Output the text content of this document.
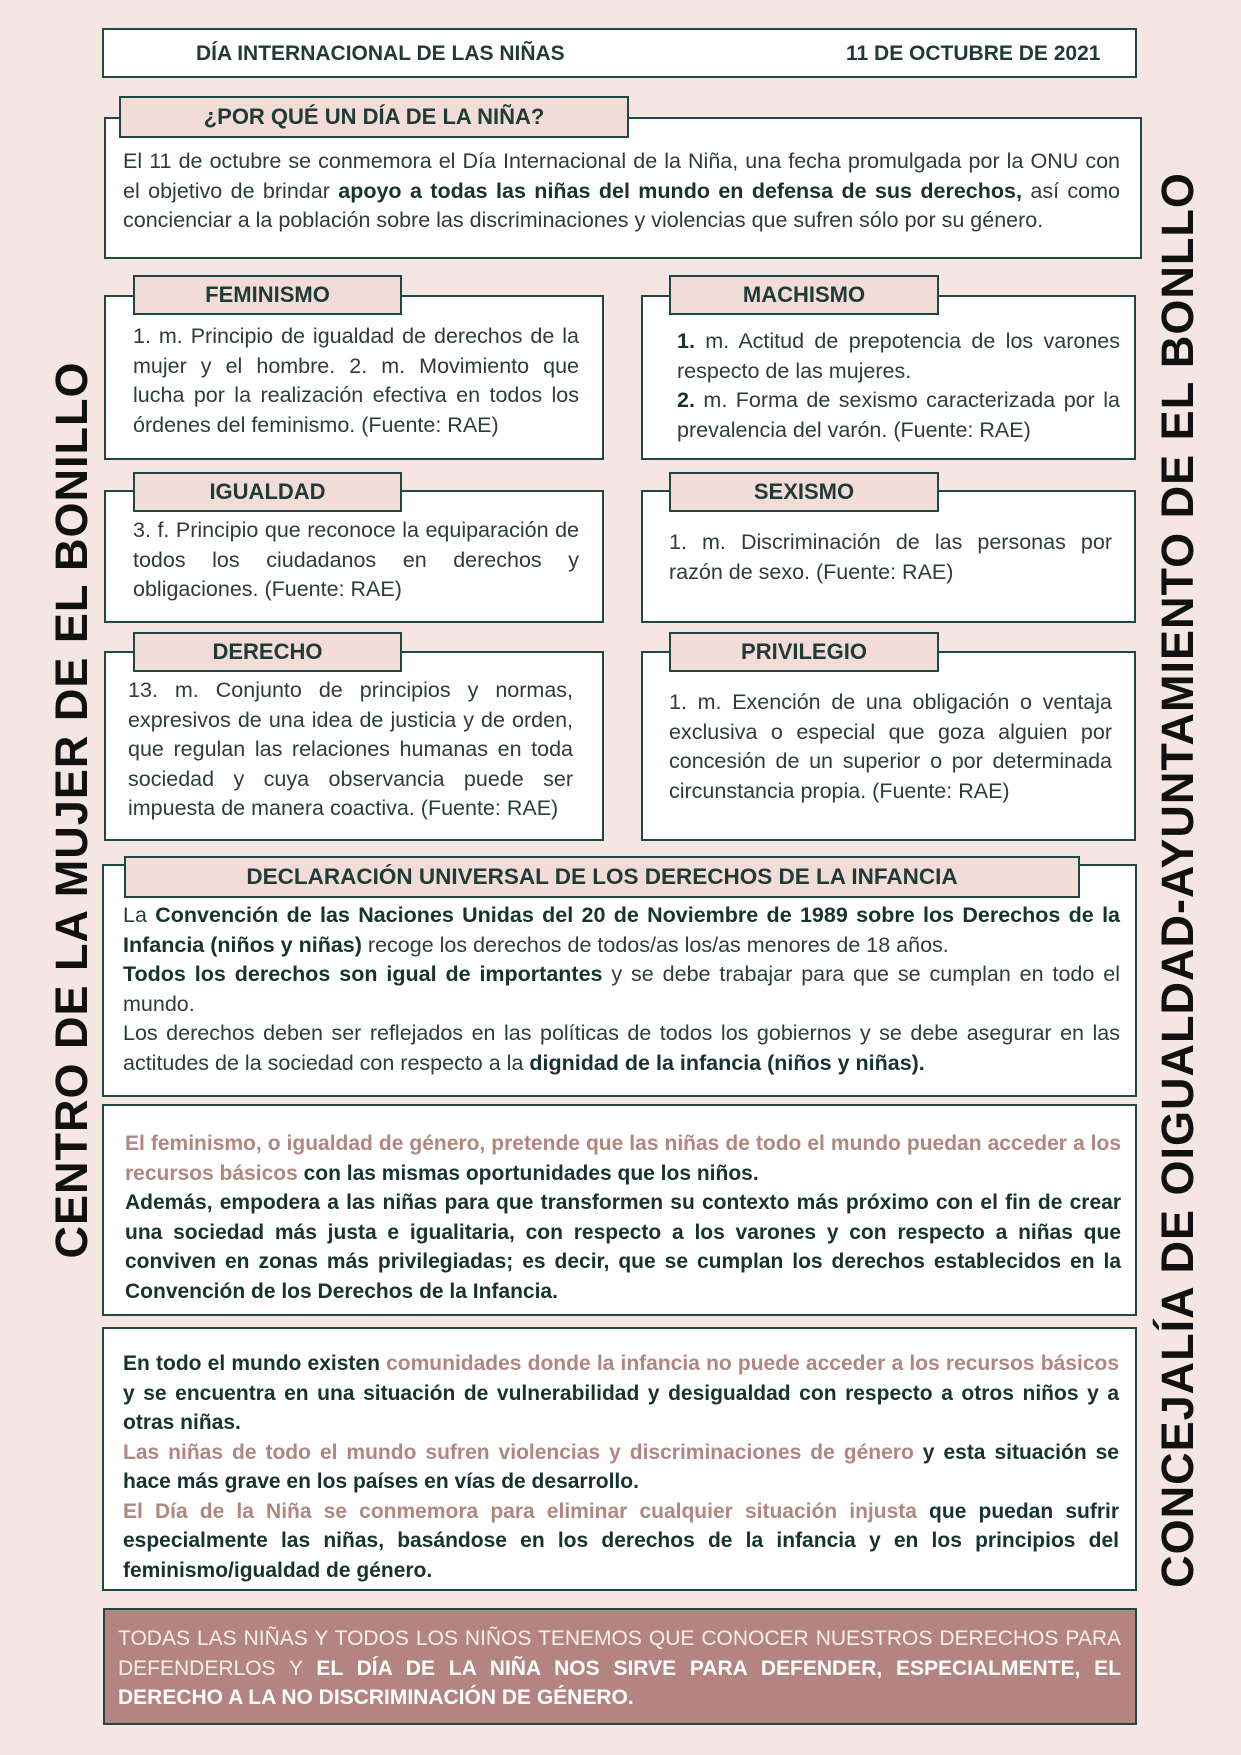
CENTRO DE LA MUJER DE EL BONILLO	CONCEJALÍA DE OIGUALDAD-AYUNTAMIENTO DE EL BONLLO
DÍA INTERNACIONAL DE LAS NIÑAS	11 DE OCTUBRE DE 2021
¿POR QUÉ UN DÍA DE LA NIÑA?
El 11 de octubre se conmemora el Día Internacional de la Niña, una fecha promulgada por la ONU con el objetivo de brindar apoyo a todas las niñas del mundo en defensa de sus derechos, así como concienciar a la población sobre las discriminaciones y violencias que sufren sólo por su género.
FEMINISMO
1. m. Principio de igualdad de derechos de la mujer y el hombre. 2. m. Movimiento que lucha por la realización efectiva en todos los órdenes del feminismo. (Fuente: RAE)
MACHISMO
1. m. Actitud de prepotencia de los varones respecto de las mujeres.
2. m. Forma de sexismo caracterizada por la prevalencia del varón. (Fuente: RAE)
IGUALDAD
3. f. Principio que reconoce la equiparación de todos los ciudadanos en derechos y obligaciones. (Fuente: RAE)
SEXISMO
1. m. Discriminación de las personas por razón de sexo. (Fuente: RAE)
DERECHO
13. m. Conjunto de principios y normas, expresivos de una idea de justicia y de orden, que regulan las relaciones humanas en toda sociedad y cuya observancia puede ser impuesta de manera coactiva. (Fuente: RAE)
PRIVILEGIO
1. m. Exención de una obligación o ventaja exclusiva o especial que goza alguien por concesión de un superior o por determinada circunstancia propia. (Fuente: RAE)
DECLARACIÓN UNIVERSAL DE LOS DERECHOS DE LA INFANCIA
La Convención de las Naciones Unidas del 20 de Noviembre de 1989 sobre los Derechos de la Infancia (niños y niñas) recoge los derechos de todos/as los/as menores de 18 años.
Todos los derechos son igual de importantes y se debe trabajar para que se cumplan en todo el mundo.
Los derechos deben ser reflejados en las políticas de todos los gobiernos y se debe asegurar en las actitudes de la sociedad con respecto a la dignidad de la infancia (niños y niñas).
El feminismo, o igualdad de género, pretende que las niñas de todo el mundo puedan acceder a los recursos básicos con las mismas oportunidades que los niños.
Además, empodera a las niñas para que transformen su contexto más próximo con el fin de crear una sociedad más justa e igualitaria, con respecto a los varones y con respecto a niñas que conviven en zonas más privilegiadas; es decir, que se cumplan los derechos establecidos en la Convención de los Derechos de la Infancia.
En todo el mundo existen comunidades donde la infancia no puede acceder a los recursos básicos y se encuentra en una situación de vulnerabilidad y desigualdad con respecto a otros niños y a otras niñas.
Las niñas de todo el mundo sufren violencias y discriminaciones de género y esta situación se hace más grave en los países en vías de desarrollo.
El Día de la Niña se conmemora para eliminar cualquier situación injusta que puedan sufrir especialmente las niñas, basándose en los derechos de la infancia y en los principios del feminismo/igualdad de género.
TODAS LAS NIÑAS Y TODOS LOS NIÑOS TENEMOS QUE CONOCER NUESTROS DERECHOS PARA DEFENDERLOS Y EL DÍA DE LA NIÑA NOS SIRVE PARA DEFENDER, ESPECIALMENTE, EL DERECHO A LA NO DISCRIMINACIÓN DE GÉNERO.
